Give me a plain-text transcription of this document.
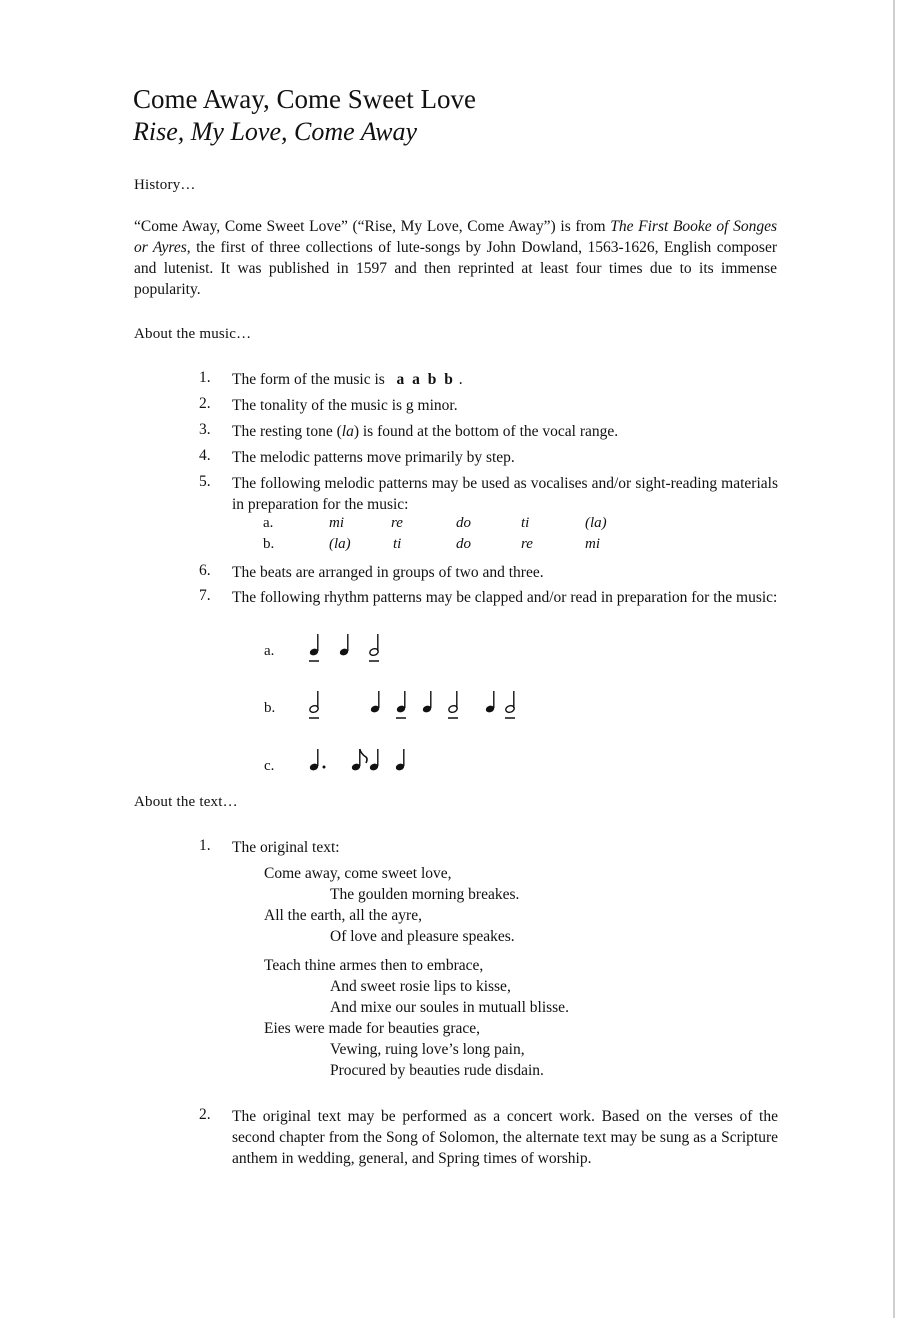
Come Away, Come Sweet Love
Rise, My Love, Come Away
History…
“Come Away, Come Sweet Love” (“Rise, My Love, Come Away”) is from The First Booke of Songes or Ayres, the first of three collections of lute-songs by John Dowland, 1563-1626, English composer and lutenist. It was published in 1597 and then reprinted at least four times due to its immense popularity.
About the music…
1. The form of the music is a a b b .
2. The tonality of the music is g minor.
3. The resting tone (la) is found at the bottom of the vocal range.
4. The melodic patterns move primarily by step.
5. The following melodic patterns may be used as vocalises and/or sight-reading materials in preparation for the music:
a.	mi	re	do	ti	(la)
b.	(la)	ti	do	re	mi
6. The beats are arranged in groups of two and three.
7. The following rhythm patterns may be clapped and/or read in preparation for the music:
a.
b.
c.
About the text…
1. The original text:
Come away, come sweet love,
The goulden morning breakes.
All the earth, all the ayre,
Of love and pleasure speakes.
Teach thine armes then to embrace,
And sweet rosie lips to kisse,
And mixe our soules in mutuall blisse.
Eies were made for beauties grace,
Vewing, ruing love’s long pain,
Procured by beauties rude disdain.
2. The original text may be performed as a concert work. Based on the verses of the second chapter from the Song of Solomon, the alternate text may be sung as a Scripture anthem in wedding, general, and Spring times of worship.
